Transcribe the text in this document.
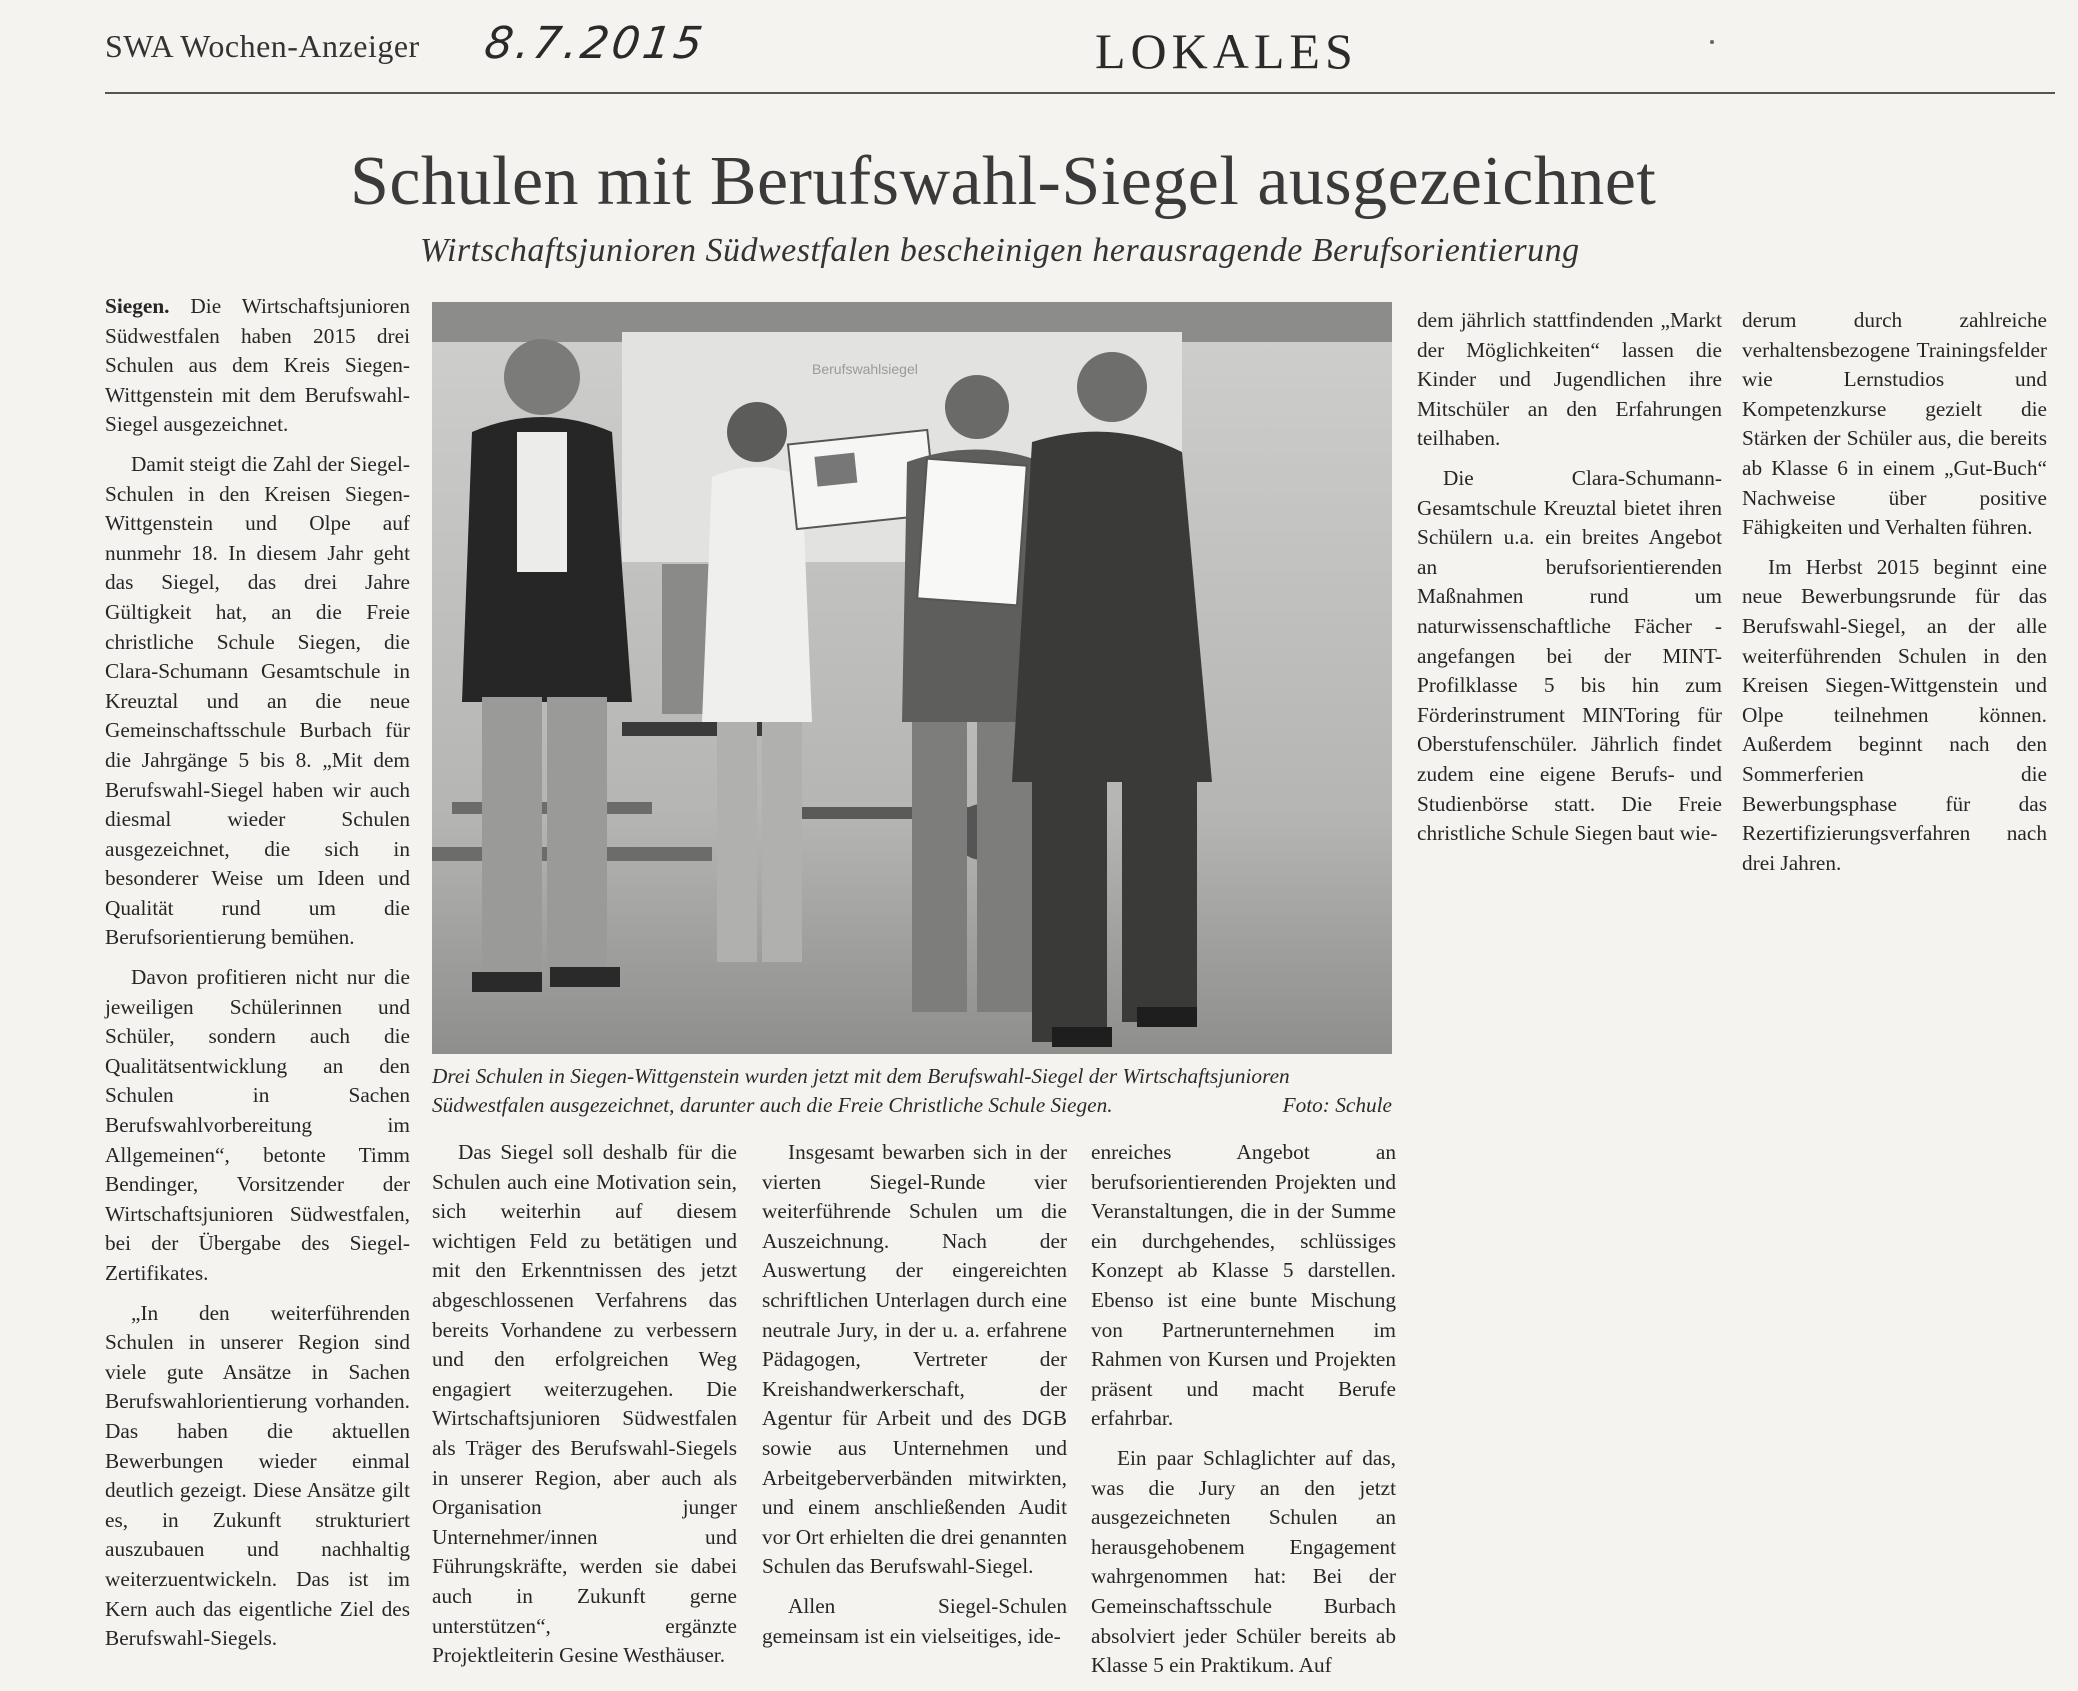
SWA Wochen-Anzeiger 8.7.2015	LOKALES
Schulen mit Berufswahl-Siegel ausgezeichnet
Wirtschaftsjunioren Südwestfalen bescheinigen herausragende Berufsorientierung

Siegen. Die Wirtschaftsjunioren Südwestfalen haben 2015 drei Schulen aus dem Kreis Siegen-Wittgenstein mit dem Berufswahl-Siegel ausgezeichnet.

Damit steigt die Zahl der Siegel-Schulen in den Kreisen Siegen-Wittgenstein und Olpe auf nunmehr 18. In diesem Jahr geht das Siegel, das drei Jahre Gültigkeit hat, an die Freie christliche Schule Siegen, die Clara-Schumann Gesamtschule in Kreuztal und an die neue Gemeinschaftsschule Burbach für die Jahrgänge 5 bis 8. „Mit dem Berufswahl-Siegel haben wir auch diesmal wieder Schulen ausgezeichnet, die sich in besonderer Weise um Ideen und Qualität rund um die Berufsorientierung bemühen.

Davon profitieren nicht nur die jeweiligen Schülerinnen und Schüler, sondern auch die Qualitätsentwicklung an den Schulen in Sachen Berufswahlvorbereitung im Allgemeinen“, betonte Timm Bendinger, Vorsitzender der Wirtschaftsjunioren Südwestfalen, bei der Übergabe des Siegel-Zertifikates.

„In den weiterführenden Schulen in unserer Region sind viele gute Ansätze in Sachen Berufswahlorientierung vorhanden. Das haben die aktuellen Bewerbungen wieder einmal deutlich gezeigt. Diese Ansätze gilt es, in Zukunft strukturiert auszubauen und nachhaltig weiterzuentwickeln. Das ist im Kern auch das eigentliche Ziel des Berufswahl-Siegels.

Berufswahlsiegel
Drei Schulen in Siegen-Wittgenstein wurden jetzt mit dem Berufswahl-Siegel der Wirtschaftsjunioren Südwestfalen ausgezeichnet, darunter auch die Freie Christliche Schule Siegen.	Foto: Schule

Das Siegel soll deshalb für die Schulen auch eine Motivation sein, sich weiterhin auf diesem wichtigen Feld zu betätigen und mit den Erkenntnissen des jetzt abgeschlossenen Verfahrens das bereits Vorhandene zu verbessern und den erfolgreichen Weg engagiert weiterzugehen. Die Wirtschaftsjunioren Südwestfalen als Träger des Berufswahl-Siegels in unserer Region, aber auch als Organisation junger Unternehmer/innen und Führungskräfte, werden sie dabei auch in Zukunft gerne unterstützen“, ergänzte Projektleiterin Gesine Westhäuser.

Insgesamt bewarben sich in der vierten Siegel-Runde vier weiterführende Schulen um die Auszeichnung. Nach der Auswertung der eingereichten schriftlichen Unterlagen durch eine neutrale Jury, in der u. a. erfahrene Pädagogen, Vertreter der Kreishandwerkerschaft, der Agentur für Arbeit und des DGB sowie aus Unternehmen und Arbeitgeberverbänden mitwirkten, und einem anschließenden Audit vor Ort erhielten die drei genannten Schulen das Berufswahl-Siegel.

Allen Siegel-Schulen gemeinsam ist ein vielseitiges, ide-

enreiches Angebot an berufsorientierenden Projekten und Veranstaltungen, die in der Summe ein durchgehendes, schlüssiges Konzept ab Klasse 5 darstellen. Ebenso ist eine bunte Mischung von Partnerunternehmen im Rahmen von Kursen und Projekten präsent und macht Berufe erfahrbar.

Ein paar Schlaglichter auf das, was die Jury an den jetzt ausgezeichneten Schulen an herausgehobenem Engagement wahrgenommen hat: Bei der Gemeinschaftsschule Burbach absolviert jeder Schüler bereits ab Klasse 5 ein Praktikum. Auf

dem jährlich stattfindenden „Markt der Möglichkeiten“ lassen die Kinder und Jugendlichen ihre Mitschüler an den Erfahrungen teilhaben.

Die Clara-Schumann-Gesamtschule Kreuztal bietet ihren Schülern u.a. ein breites Angebot an berufsorientierenden Maßnahmen rund um naturwissenschaftliche Fächer - angefangen bei der MINT-Profilklasse 5 bis hin zum Förderinstrument MINToring für Oberstufenschüler. Jährlich findet zudem eine eigene Berufs- und Studienbörse statt. Die Freie christliche Schule Siegen baut wie-

derum durch zahlreiche verhaltensbezogene Trainingsfelder wie Lernstudios und Kompetenzkurse gezielt die Stärken der Schüler aus, die bereits ab Klasse 6 in einem „Gut-Buch“ Nachweise über positive Fähigkeiten und Verhalten führen.

Im Herbst 2015 beginnt eine neue Bewerbungsrunde für das Berufswahl-Siegel, an der alle weiterführenden Schulen in den Kreisen Siegen-Wittgenstein und Olpe teilnehmen können. Außerdem beginnt nach den Sommerferien die Bewerbungsphase für das Rezertifizierungsverfahren nach drei Jahren.
